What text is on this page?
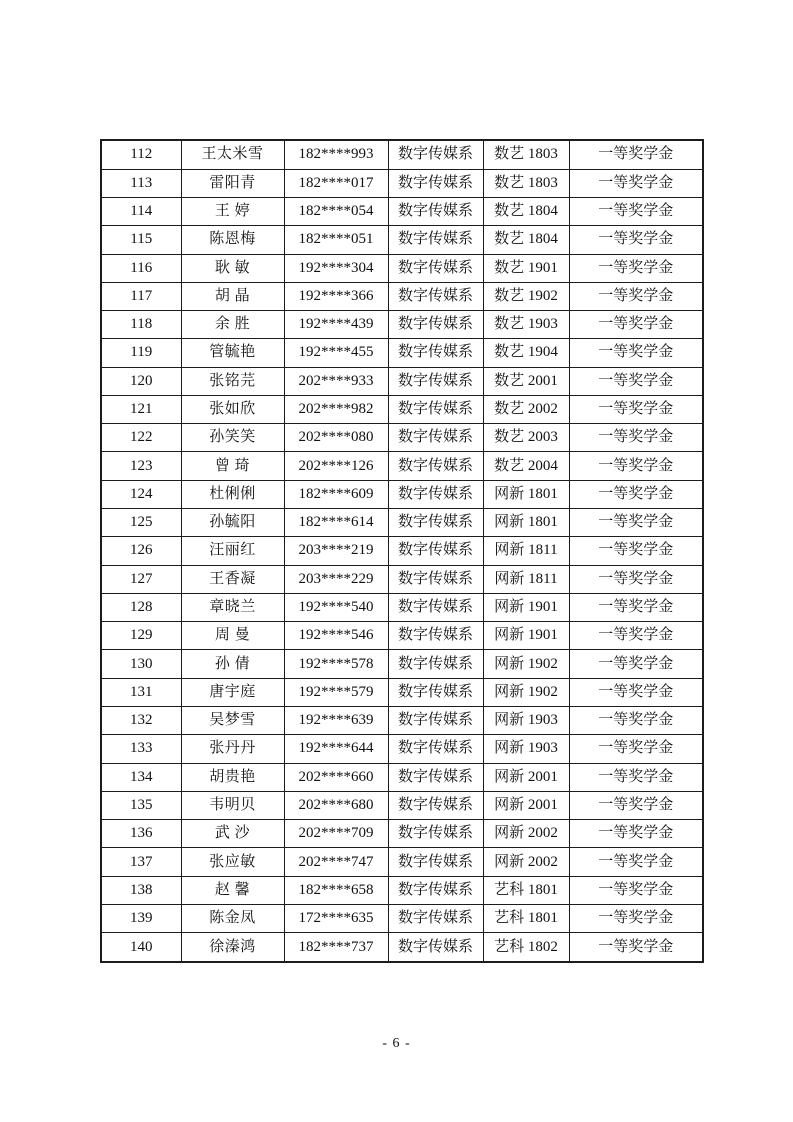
112	王太米雪	182****993	数字传媒系	数艺 1803	一等奖学金
113	雷阳青	182****017	数字传媒系	数艺 1803	一等奖学金
114	王 婷	182****054	数字传媒系	数艺 1804	一等奖学金
115	陈恩梅	182****051	数字传媒系	数艺 1804	一等奖学金
116	耿 敏	192****304	数字传媒系	数艺 1901	一等奖学金
117	胡 晶	192****366	数字传媒系	数艺 1902	一等奖学金
118	余 胜	192****439	数字传媒系	数艺 1903	一等奖学金
119	管毓艳	192****455	数字传媒系	数艺 1904	一等奖学金
120	张铭芫	202****933	数字传媒系	数艺 2001	一等奖学金
121	张如欣	202****982	数字传媒系	数艺 2002	一等奖学金
122	孙笑笑	202****080	数字传媒系	数艺 2003	一等奖学金
123	曾 琦	202****126	数字传媒系	数艺 2004	一等奖学金
124	杜俐俐	182****609	数字传媒系	网新 1801	一等奖学金
125	孙毓阳	182****614	数字传媒系	网新 1801	一等奖学金
126	汪丽红	203****219	数字传媒系	网新 1811	一等奖学金
127	王香凝	203****229	数字传媒系	网新 1811	一等奖学金
128	章晓兰	192****540	数字传媒系	网新 1901	一等奖学金
129	周 曼	192****546	数字传媒系	网新 1901	一等奖学金
130	孙 倩	192****578	数字传媒系	网新 1902	一等奖学金
131	唐宇庭	192****579	数字传媒系	网新 1902	一等奖学金
132	吴梦雪	192****639	数字传媒系	网新 1903	一等奖学金
133	张丹丹	192****644	数字传媒系	网新 1903	一等奖学金
134	胡贵艳	202****660	数字传媒系	网新 2001	一等奖学金
135	韦明贝	202****680	数字传媒系	网新 2001	一等奖学金
136	武 沙	202****709	数字传媒系	网新 2002	一等奖学金
137	张应敏	202****747	数字传媒系	网新 2002	一等奖学金
138	赵 馨	182****658	数字传媒系	艺科 1801	一等奖学金
139	陈金凤	172****635	数字传媒系	艺科 1801	一等奖学金
140	徐溱鸿	182****737	数字传媒系	艺科 1802	一等奖学金
- 6 -
